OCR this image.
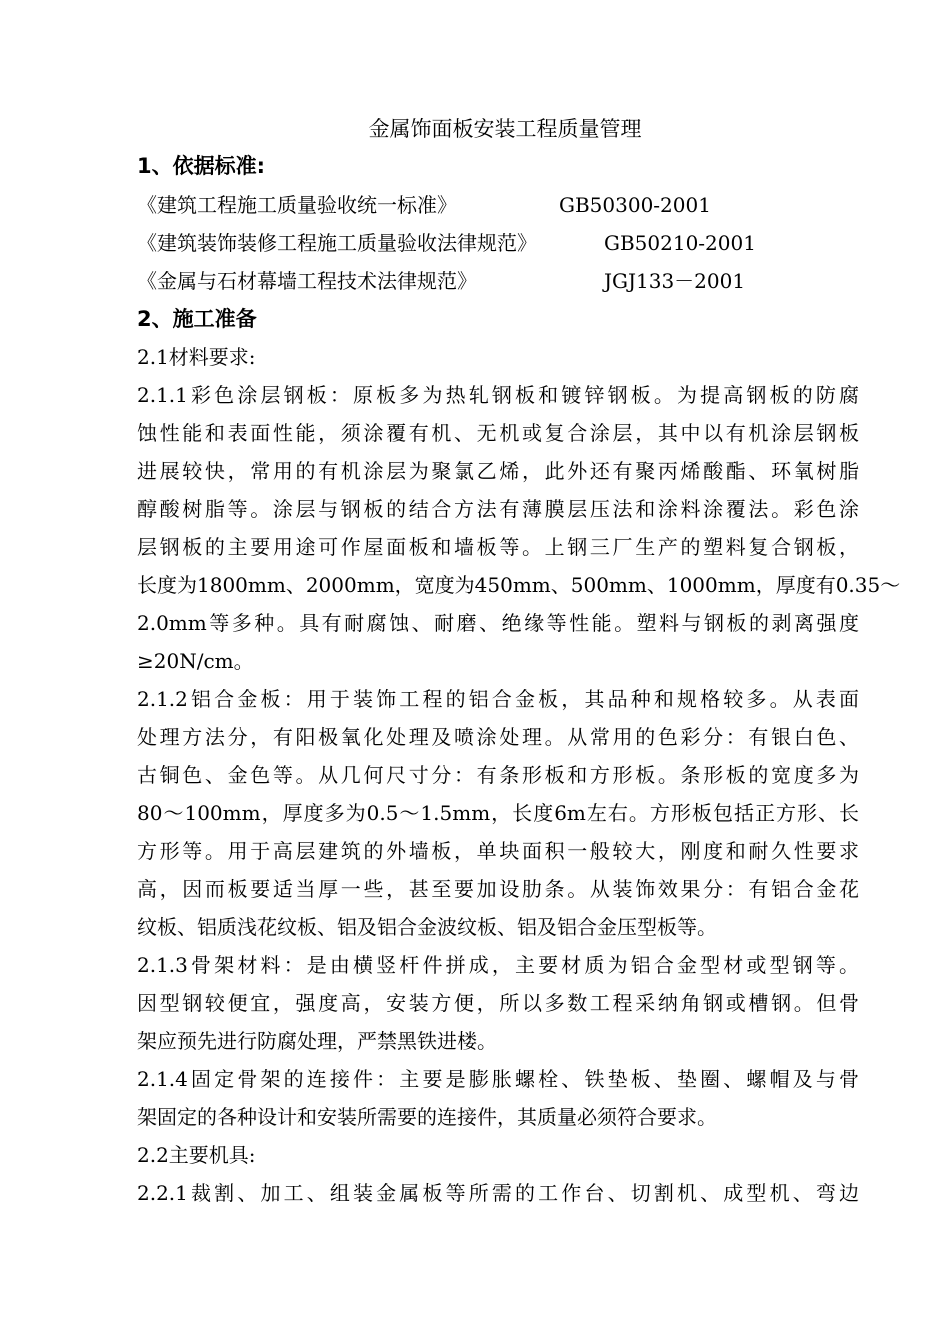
金属饰面板安装工程质量管理
1、依据标准:
《建筑工程施工质量验收统一标准》	GB50300-2001
《建筑装饰装修工程施工质量验收法律规范》	GB50210-2001
《金属与石材幕墙工程技术法律规范》	JGJ133－2001
2、施工准备
2.1材料要求:
2.1.1彩色涂层钢板：原板多为热轧钢板和镀锌钢板。为提高钢板的防腐
蚀性能和表面性能，须涂覆有机、无机或复合涂层，其中以有机涂层钢板
进展较快，常用的有机涂层为聚氯乙烯，此外还有聚丙烯酸酯、环氧树脂
醇酸树脂等。涂层与钢板的结合方法有薄膜层压法和涂料涂覆法。彩色涂
层钢板的主要用途可作屋面板和墙板等。上钢三厂生产的塑料复合钢板，
长度为1800mm、2000mm，宽度为450mm、500mm、1000mm，厚度有0.35～
2.0mm等多种。具有耐腐蚀、耐磨、绝缘等性能。塑料与钢板的剥离强度
≥20N/cm。
2.1.2铝合金板：用于装饰工程的铝合金板，其品种和规格较多。从表面
处理方法分，有阳极氧化处理及喷涂处理。从常用的色彩分：有银白色、
古铜色、金色等。从几何尺寸分：有条形板和方形板。条形板的宽度多为
80～100mm，厚度多为0.5～1.5mm，长度6m左右。方形板包括正方形、长
方形等。用于高层建筑的外墙板，单块面积一般较大，刚度和耐久性要求
高，因而板要适当厚一些，甚至要加设肋条。从装饰效果分：有铝合金花
纹板、铝质浅花纹板、铝及铝合金波纹板、铝及铝合金压型板等。
2.1.3骨架材料：是由横竖杆件拼成，主要材质为铝合金型材或型钢等。
因型钢较便宜，强度高，安装方便，所以多数工程采纳角钢或槽钢。但骨
架应预先进行防腐处理，严禁黑铁进楼。
2.1.4固定骨架的连接件：主要是膨胀螺栓、铁垫板、垫圈、螺帽及与骨
架固定的各种设计和安装所需要的连接件，其质量必须符合要求。
2.2主要机具:
2.2.1裁割、加工、组装金属板等所需的工作台、切割机、成型机、弯边
